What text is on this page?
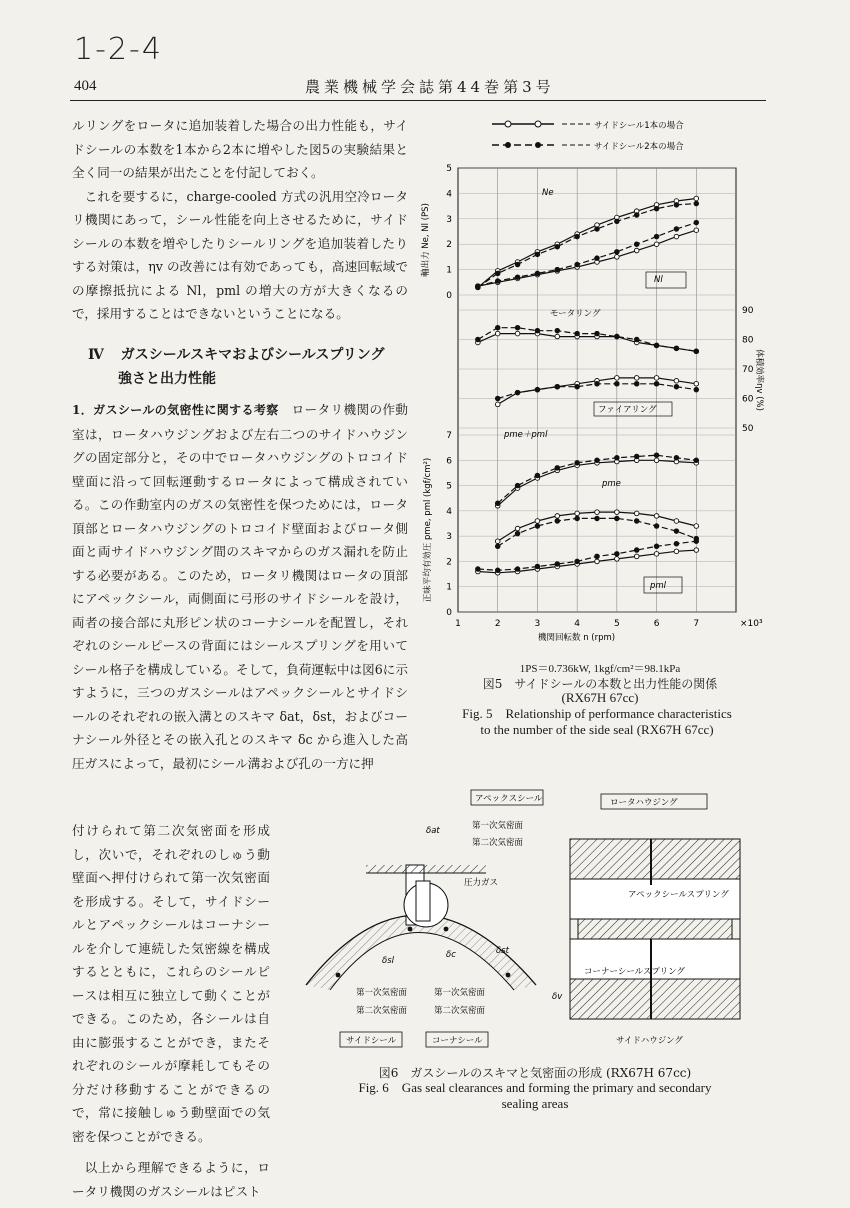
1-2-4
404	農業機械学会誌第44巻第3号

ルリングをロータに追加装着した場合の出力性能も，サイドシールの本数を1本から2本に増やした図5の実験結果と全く同一の結果が出たことを付記しておく。

これを要するに，charge-cooled 方式の汎用空冷ロータリ機関にあって，シール性能を向上させるために，サイドシールの本数を増やしたりシールリングを追加装着したりする対策は，ηv の改善には有効であっても，高速回転域での摩擦抵抗による Nl，pml の増大の方が大きくなるので，採用することはできないということになる。

Ⅳ ガスシールスキマおよびシールスプリング
強さと出力性能

1．ガスシールの気密性に関する考察　 ロータリ機関の作動室は，ロータハウジングおよび左右二つのサイドハウジングの固定部分と，その中でロータハウジングのトロコイド壁面に沿って回転運動するロータによって構成されている。この作動室内のガスの気密性を保つためには，ロータ頂部とロータハウジングのトロコイド壁面およびロータ側面と両サイドハウジング間のスキマからのガス漏れを防止する必要がある。このため，ロータリ機関はロータの頂部にアペックシール，両側面に弓形のサイドシールを設け，両者の接合部に丸形ピン状のコーナシールを配置し，それぞれのシールピースの背面にはシールスプリングを用いてシール格子を構成している。そして，負荷運転中は図6に示すように，三つのガスシールはアペックシールとサイドシールのそれぞれの嵌入溝とのスキマ δat，δst，およびコーナシール外径とその嵌入孔とのスキマ δc から進入した高圧ガスによって，最初にシール溝および孔の一方に押

付けられて第二次気密面を形成し，次いで，それぞれのしゅう動壁面へ押付けられて第一次気密面を形成する。そして，サイドシールとアペックシールはコーナシールを介して連続した気密線を構成するとともに，これらのシールピースは相互に独立して動くことができる。このため，各シールは自由に膨張することができ，またそれぞれのシールが摩耗してもその分だけ移動することができるので，常に接触しゅう動壁面での気密を保つことができる。

以上から理解できるように，ロータリ機関のガスシールはピスト

サイドシール1本の場合
サイドシール2本の場合
1	2	3	4	5	6	7
0
1
2
3
4
5
50
60
70
80
90
0
1
2
3
4
5
6
7
軸出力 Ne, Nl (PS)
体積効率ηv (%)
正味平均有効圧 pme, pml (kgf/cm²)
Ne
Nl
モータリング
ファイアリング
pme＋pml
pme
pml
機関回転数 n (rpm)
×10³
1PS＝0.736kW, 1kgf/cm²＝98.1kPa
図5　サイドシールの本数と出力性能の関係
(RX67H 67cc)
Fig. 5　Relationship of performance characteristics
to the number of the side seal (RX67H 67cc)
アペックスシール
第一次気密面
第二次気密面
ロータハウジング
圧力ガス
アペックシールスプリング
コーナーシールスプリング
第一次気密面
第二次気密面
第一次気密面
第二次気密面
サイドシール	コーナシール	サイドハウジング
δat
δst
δc
δsl
δv
図6　ガスシールのスキマと気密面の形成 (RX67H 67cc)
Fig. 6　Gas seal clearances and forming the primary and secondary
sealing areas
